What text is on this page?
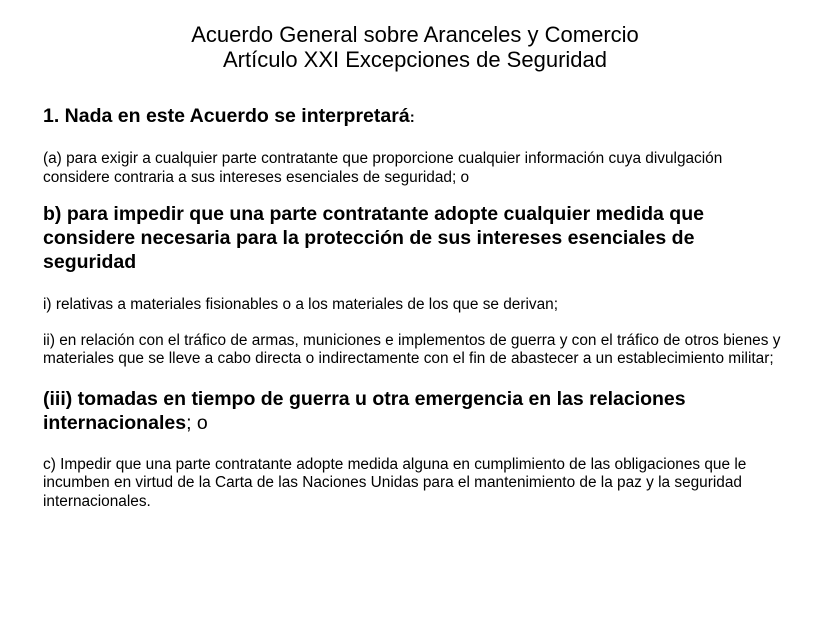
Acuerdo General sobre Aranceles y Comercio
Artículo XXI Excepciones de Seguridad

1. Nada en este Acuerdo se interpretará:

(a) para exigir a cualquier parte contratante que proporcione cualquier información cuya divulgación considere contraria a sus intereses esenciales de seguridad; o

b) para impedir que una parte contratante adopte cualquier medida que considere necesaria para la protección de sus intereses esenciales de seguridad

i) relativas a materiales fisionables o a los materiales de los que se derivan;

ii) en relación con el tráfico de armas, municiones e implementos de guerra y con el tráfico de otros bienes y materiales que se lleve a cabo directa o indirectamente con el fin de abastecer a un establecimiento militar;

(iii) tomadas en tiempo de guerra u otra emergencia en las relaciones internacionales; o

c) Impedir que una parte contratante adopte medida alguna en cumplimiento de las obligaciones que le incumben en virtud de la Carta de las Naciones Unidas para el mantenimiento de la paz y la seguridad internacionales.
